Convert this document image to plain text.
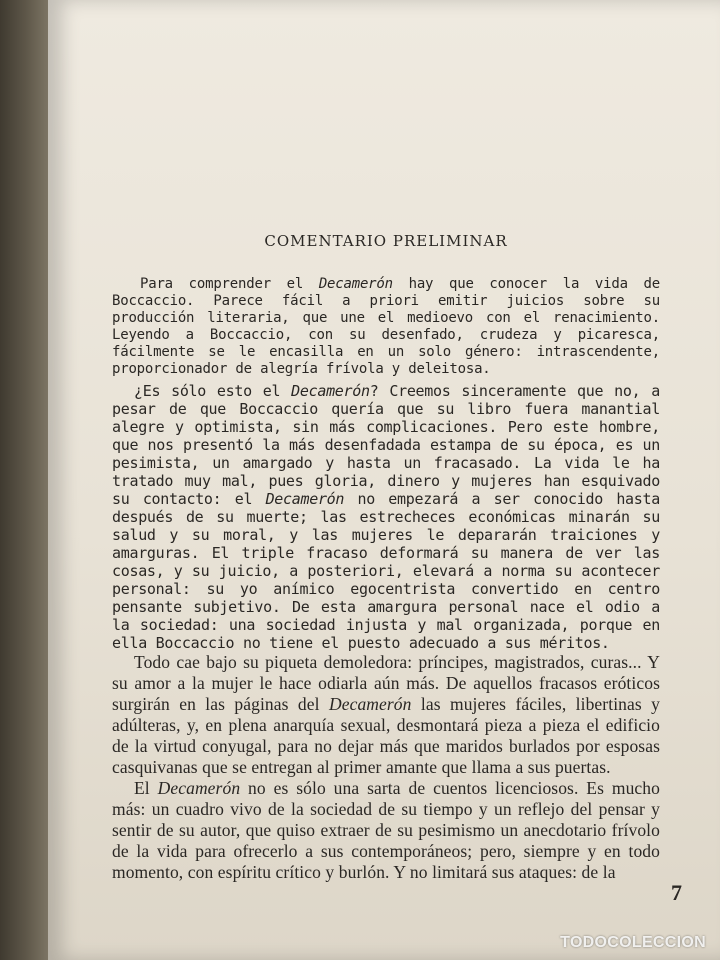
COMENTARIO PRELIMINAR

Para comprender el Decamerón hay que conocer la vida de Boccaccio. Parece fácil a priori emitir juicios sobre su producción literaria, que une el medioevo con el renacimiento. Leyendo a Boccaccio, con su desenfado, crudeza y picaresca, fácilmente se le encasilla en un solo género: intrascendente, proporcionador de alegría frívola y deleitosa.

¿Es sólo esto el Decamerón? Creemos sinceramente que no, a pesar de que Boccaccio quería que su libro fuera manantial alegre y optimista, sin más complicaciones. Pero este hombre, que nos presentó la más desenfadada estampa de su época, es un pesimista, un amargado y hasta un fracasado. La vida le ha tratado muy mal, pues gloria, dinero y mujeres han esquivado su contacto: el Decamerón no empezará a ser conocido hasta después de su muerte; las estrecheces económicas minarán su salud y su moral, y las mujeres le depararán traiciones y amarguras. El triple fracaso deformará su manera de ver las cosas, y su juicio, a posteriori, elevará a norma su acontecer personal: su yo anímico egocentrista convertido en centro pensante subjetivo. De esta amargura personal nace el odio a la sociedad: una sociedad injusta y mal organizada, porque en ella Boccaccio no tiene el puesto adecuado a sus méritos.

Todo cae bajo su piqueta demoledora: príncipes, magistrados, curas... Y su amor a la mujer le hace odiarla aún más. De aquellos fracasos eróticos surgirán en las páginas del Decamerón las mujeres fáciles, libertinas y adúlteras, y, en plena anarquía sexual, desmontará pieza a pieza el edificio de la virtud conyugal, para no dejar más que maridos burlados por esposas casquivanas que se entregan al primer amante que llama a sus puertas.

El Decamerón no es sólo una sarta de cuentos licenciosos. Es mucho más: un cuadro vivo de la sociedad de su tiempo y un reflejo del pensar y sentir de su autor, que quiso extraer de su pesimismo un anecdotario frívolo de la vida para ofrecerlo a sus contemporáneos; pero, siempre y en todo momento, con espíritu crítico y burlón. Y no limitará sus ataques: de la

7
TODOCOLECCION
